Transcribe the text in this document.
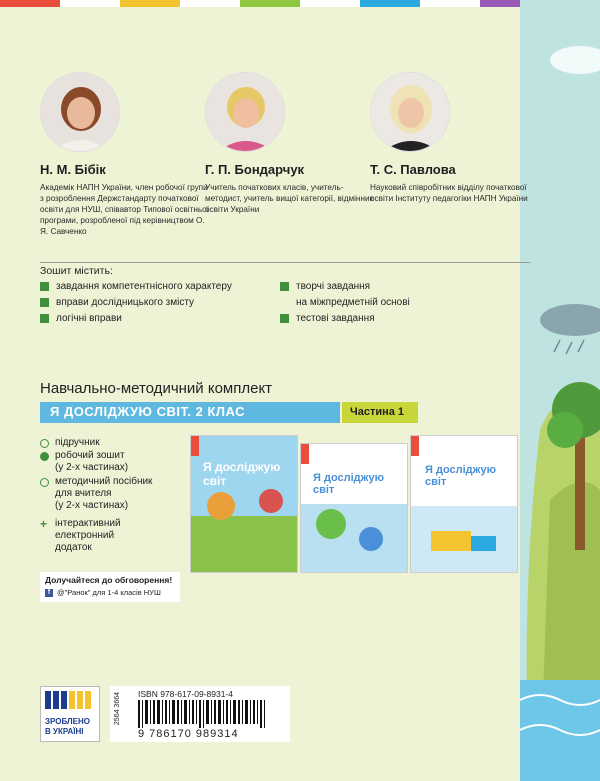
Н. М. Бібік
Академік НАПН України, член робочої групи з розроблення Держстандарту початкової освіти для НУШ, співавтор Типової освітньої програми, розробленої під керівництвом О. Я. Савченко
Г. П. Бондарчук
Учитель початкових класів, учитель-методист, учитель вищої категорії, відмінник освіти України
Т. С. Павлова
Науковий співробітник відділу початкової освіти Інституту педагогіки НАПН України
Зошит містить:
завдання компетентнісного характеру
вправи дослідницького змісту
логічні вправи
творчі завдання
на міжпредметній основі
тестові завдання
Навчально-методичний комплект
Я ДОСЛІДЖУЮ СВІТ. 2 КЛАС	Частина 1
підручник
робочий зошит
(у 2-х частинах)
методичний посібник
для вчителя
(у 2-х частинах)
+ інтерактивний
електронний
додаток
Я досліджую світ	Я досліджую світ
Я досліджую світ
Долучайтеся до обговорення!
f @"Ранок" для 1-4 класів НУШ
ЗРОБЛЕНО В УКРАЇНІ
2564 3664 ISBN 978-617-09-8931-4
9 786170 989314
